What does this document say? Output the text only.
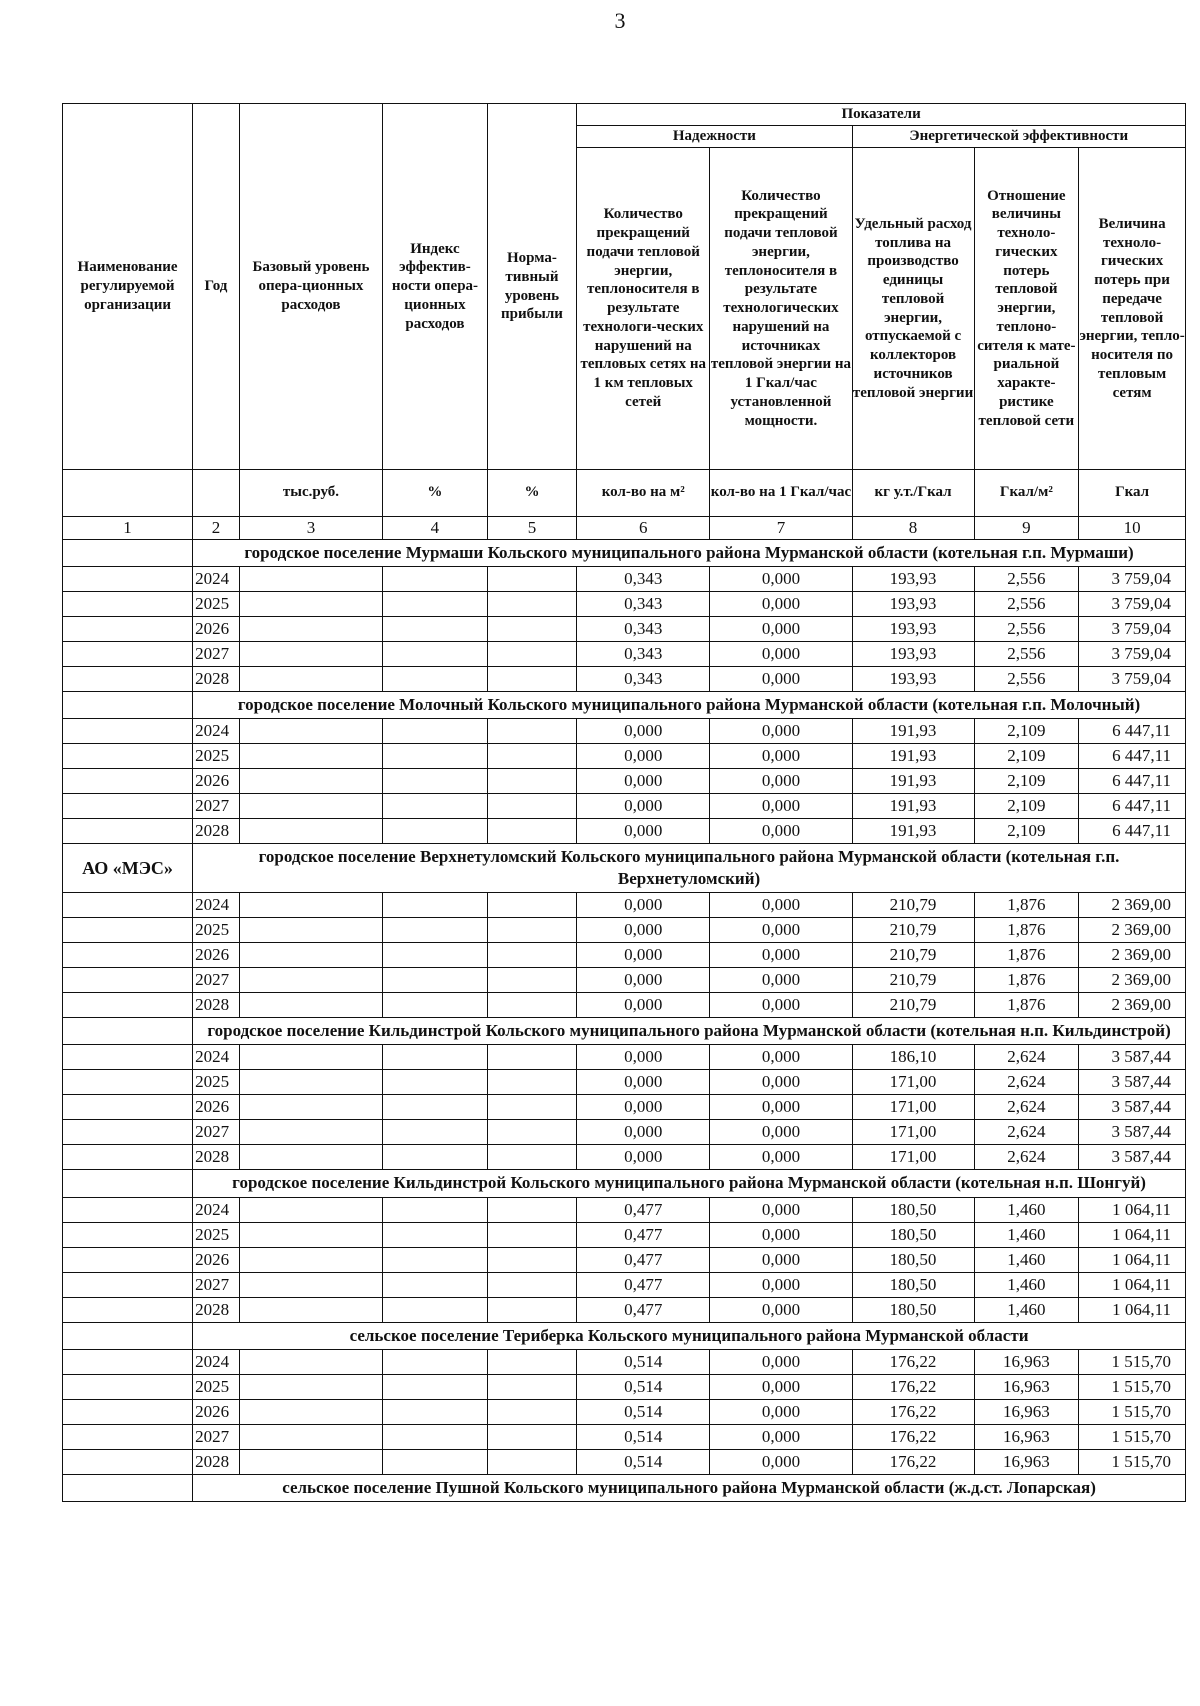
3
Наименование регулируемой организации	Год	Базовый уровень опера-ционных расходов	Индекс эффектив-ности опера-ционных расходов	Норма-тивный уровень прибыли	Показатели				
					Надежности		Энергетической эффективности		
					Количество прекращений подачи тепловой энергии, теплоносителя в результате технологи-ческих нарушений на тепловых сетях на 1 км тепловых сетей	Количество прекращений подачи тепловой энергии, теплоносителя в результате технологических нарушений на источниках тепловой энергии на 1 Гкал/час установленной мощности.	Удельный расход топлива на производство единицы тепловой энергии, отпускаемой с коллекторов источников тепловой энергии	Отношение величины техноло-гических потерь тепловой энергии, теплоно-сителя к мате-риальной характе-ристике тепловой сети	Величина техноло-гических потерь при передаче тепловой энергии, тепло-носителя по тепловым сетям
		тыс.руб.	%	%	кол-во на м²	кол-во на 1 Гкал/час	кг у.т./Гкал	Гкал/м²	Гкал
1	2	3	4	5	6	7	8	9	10
	городское поселение Мурмаши Кольского муниципального района Мурманской области (котельная г.п. Мурмаши)								
	2024				0,343	0,000	193,93	2,556	3 759,04
	2025				0,343	0,000	193,93	2,556	3 759,04
	2026				0,343	0,000	193,93	2,556	3 759,04
	2027				0,343	0,000	193,93	2,556	3 759,04
	2028				0,343	0,000	193,93	2,556	3 759,04
	городское поселение Молочный Кольского муниципального района Мурманской области (котельная г.п. Молочный)								
	2024				0,000	0,000	191,93	2,109	6 447,11
	2025				0,000	0,000	191,93	2,109	6 447,11
	2026				0,000	0,000	191,93	2,109	6 447,11
	2027				0,000	0,000	191,93	2,109	6 447,11
	2028				0,000	0,000	191,93	2,109	6 447,11
АО «МЭС»	городское поселение Верхнетуломский Кольского муниципального района Мурманской области (котельная г.п. Верхнетуломский)								
	2024				0,000	0,000	210,79	1,876	2 369,00
	2025				0,000	0,000	210,79	1,876	2 369,00
	2026				0,000	0,000	210,79	1,876	2 369,00
	2027				0,000	0,000	210,79	1,876	2 369,00
	2028				0,000	0,000	210,79	1,876	2 369,00
	городское поселение Кильдинстрой Кольского муниципального района Мурманской области (котельная н.п. Кильдинстрой)								
	2024				0,000	0,000	186,10	2,624	3 587,44
	2025				0,000	0,000	171,00	2,624	3 587,44
	2026				0,000	0,000	171,00	2,624	3 587,44
	2027				0,000	0,000	171,00	2,624	3 587,44
	2028				0,000	0,000	171,00	2,624	3 587,44
	городское поселение Кильдинстрой Кольского муниципального района Мурманской области (котельная н.п. Шонгуй)								
	2024				0,477	0,000	180,50	1,460	1 064,11
	2025				0,477	0,000	180,50	1,460	1 064,11
	2026				0,477	0,000	180,50	1,460	1 064,11
	2027				0,477	0,000	180,50	1,460	1 064,11
	2028				0,477	0,000	180,50	1,460	1 064,11
	сельское поселение Териберка Кольского муниципального района Мурманской области								
	2024				0,514	0,000	176,22	16,963	1 515,70
	2025				0,514	0,000	176,22	16,963	1 515,70
	2026				0,514	0,000	176,22	16,963	1 515,70
	2027				0,514	0,000	176,22	16,963	1 515,70
	2028				0,514	0,000	176,22	16,963	1 515,70
	сельское поселение Пушной Кольского муниципального района Мурманской области (ж.д.ст. Лопарская)								
